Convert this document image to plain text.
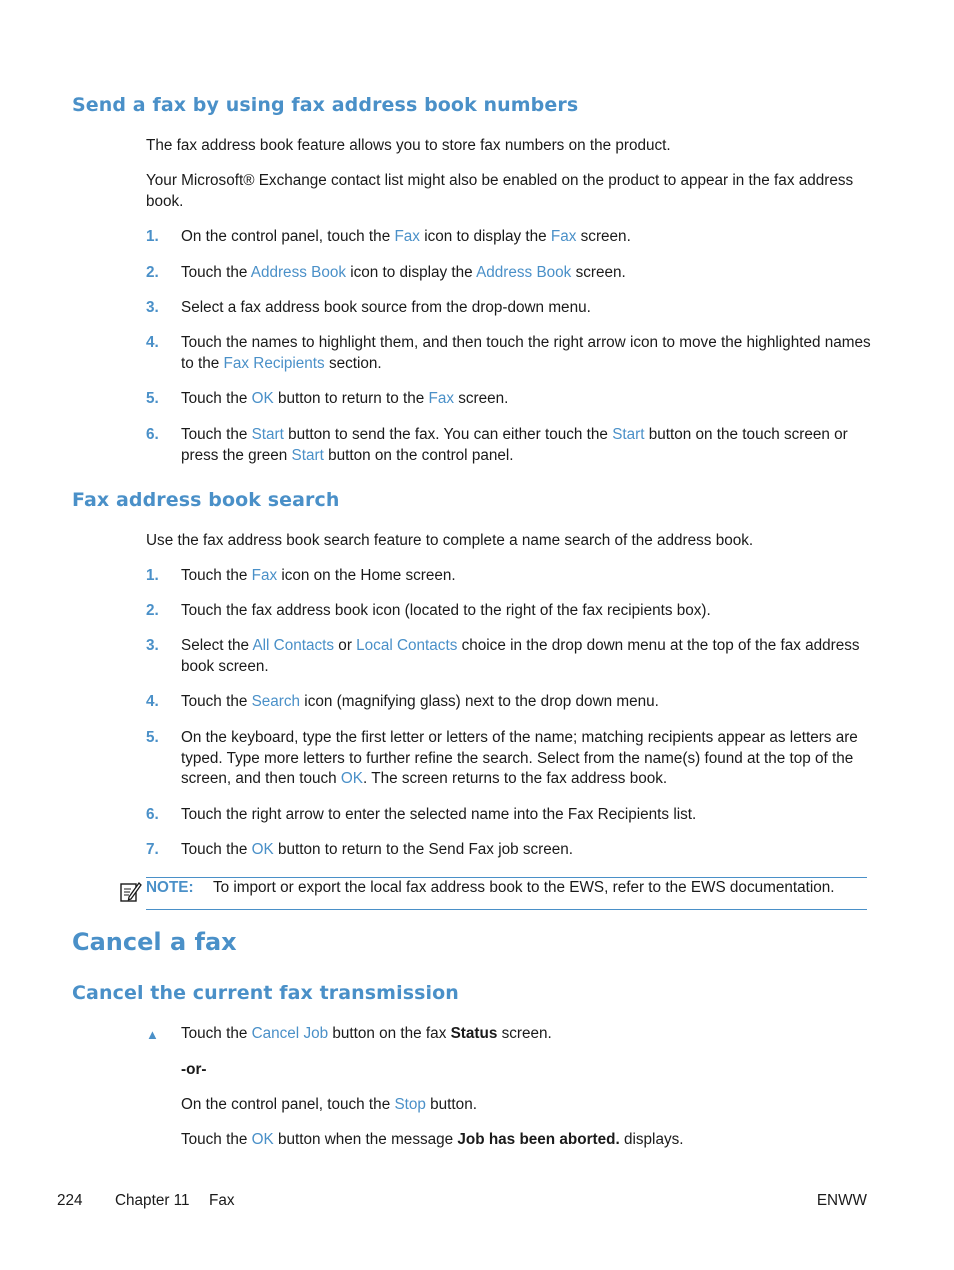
Send a fax by using fax address book numbers
The fax address book feature allows you to store fax numbers on the product.
Your Microsoft® Exchange contact list might also be enabled on the product to appear in the fax address book.
1.	On the control panel, touch the Fax icon to display the Fax screen.
2.	Touch the Address Book icon to display the Address Book screen.
3.	Select a fax address book source from the drop-down menu.
4.	Touch the names to highlight them, and then touch the right arrow icon to move the highlighted names to the Fax Recipients section.
5.	Touch the OK button to return to the Fax screen.
6.	Touch the Start button to send the fax. You can either touch the Start button on the touch screen or press the green Start button on the control panel.
Fax address book search
Use the fax address book search feature to complete a name search of the address book.
1.	Touch the Fax icon on the Home screen.
2.	Touch the fax address book icon (located to the right of the fax recipients box).
3.	Select the All Contacts or Local Contacts choice in the drop down menu at the top of the fax address book screen.
4.	Touch the Search icon (magnifying glass) next to the drop down menu.
5.	On the keyboard, type the first letter or letters of the name; matching recipients appear as letters are typed. Type more letters to further refine the search. Select from the name(s) found at the top of the screen, and then touch OK. The screen returns to the fax address book.
6.	Touch the right arrow to enter the selected name into the Fax Recipients list.
7.	Touch the OK button to return to the Send Fax job screen.
NOTE: To import or export the local fax address book to the EWS, refer to the EWS documentation.
Cancel a fax
Cancel the current fax transmission
▲ Touch the Cancel Job button on the fax Status screen.
-or-
On the control panel, touch the Stop button.
Touch the OK button when the message Job has been aborted. displays.
224 Chapter 11 Fax	ENWW
